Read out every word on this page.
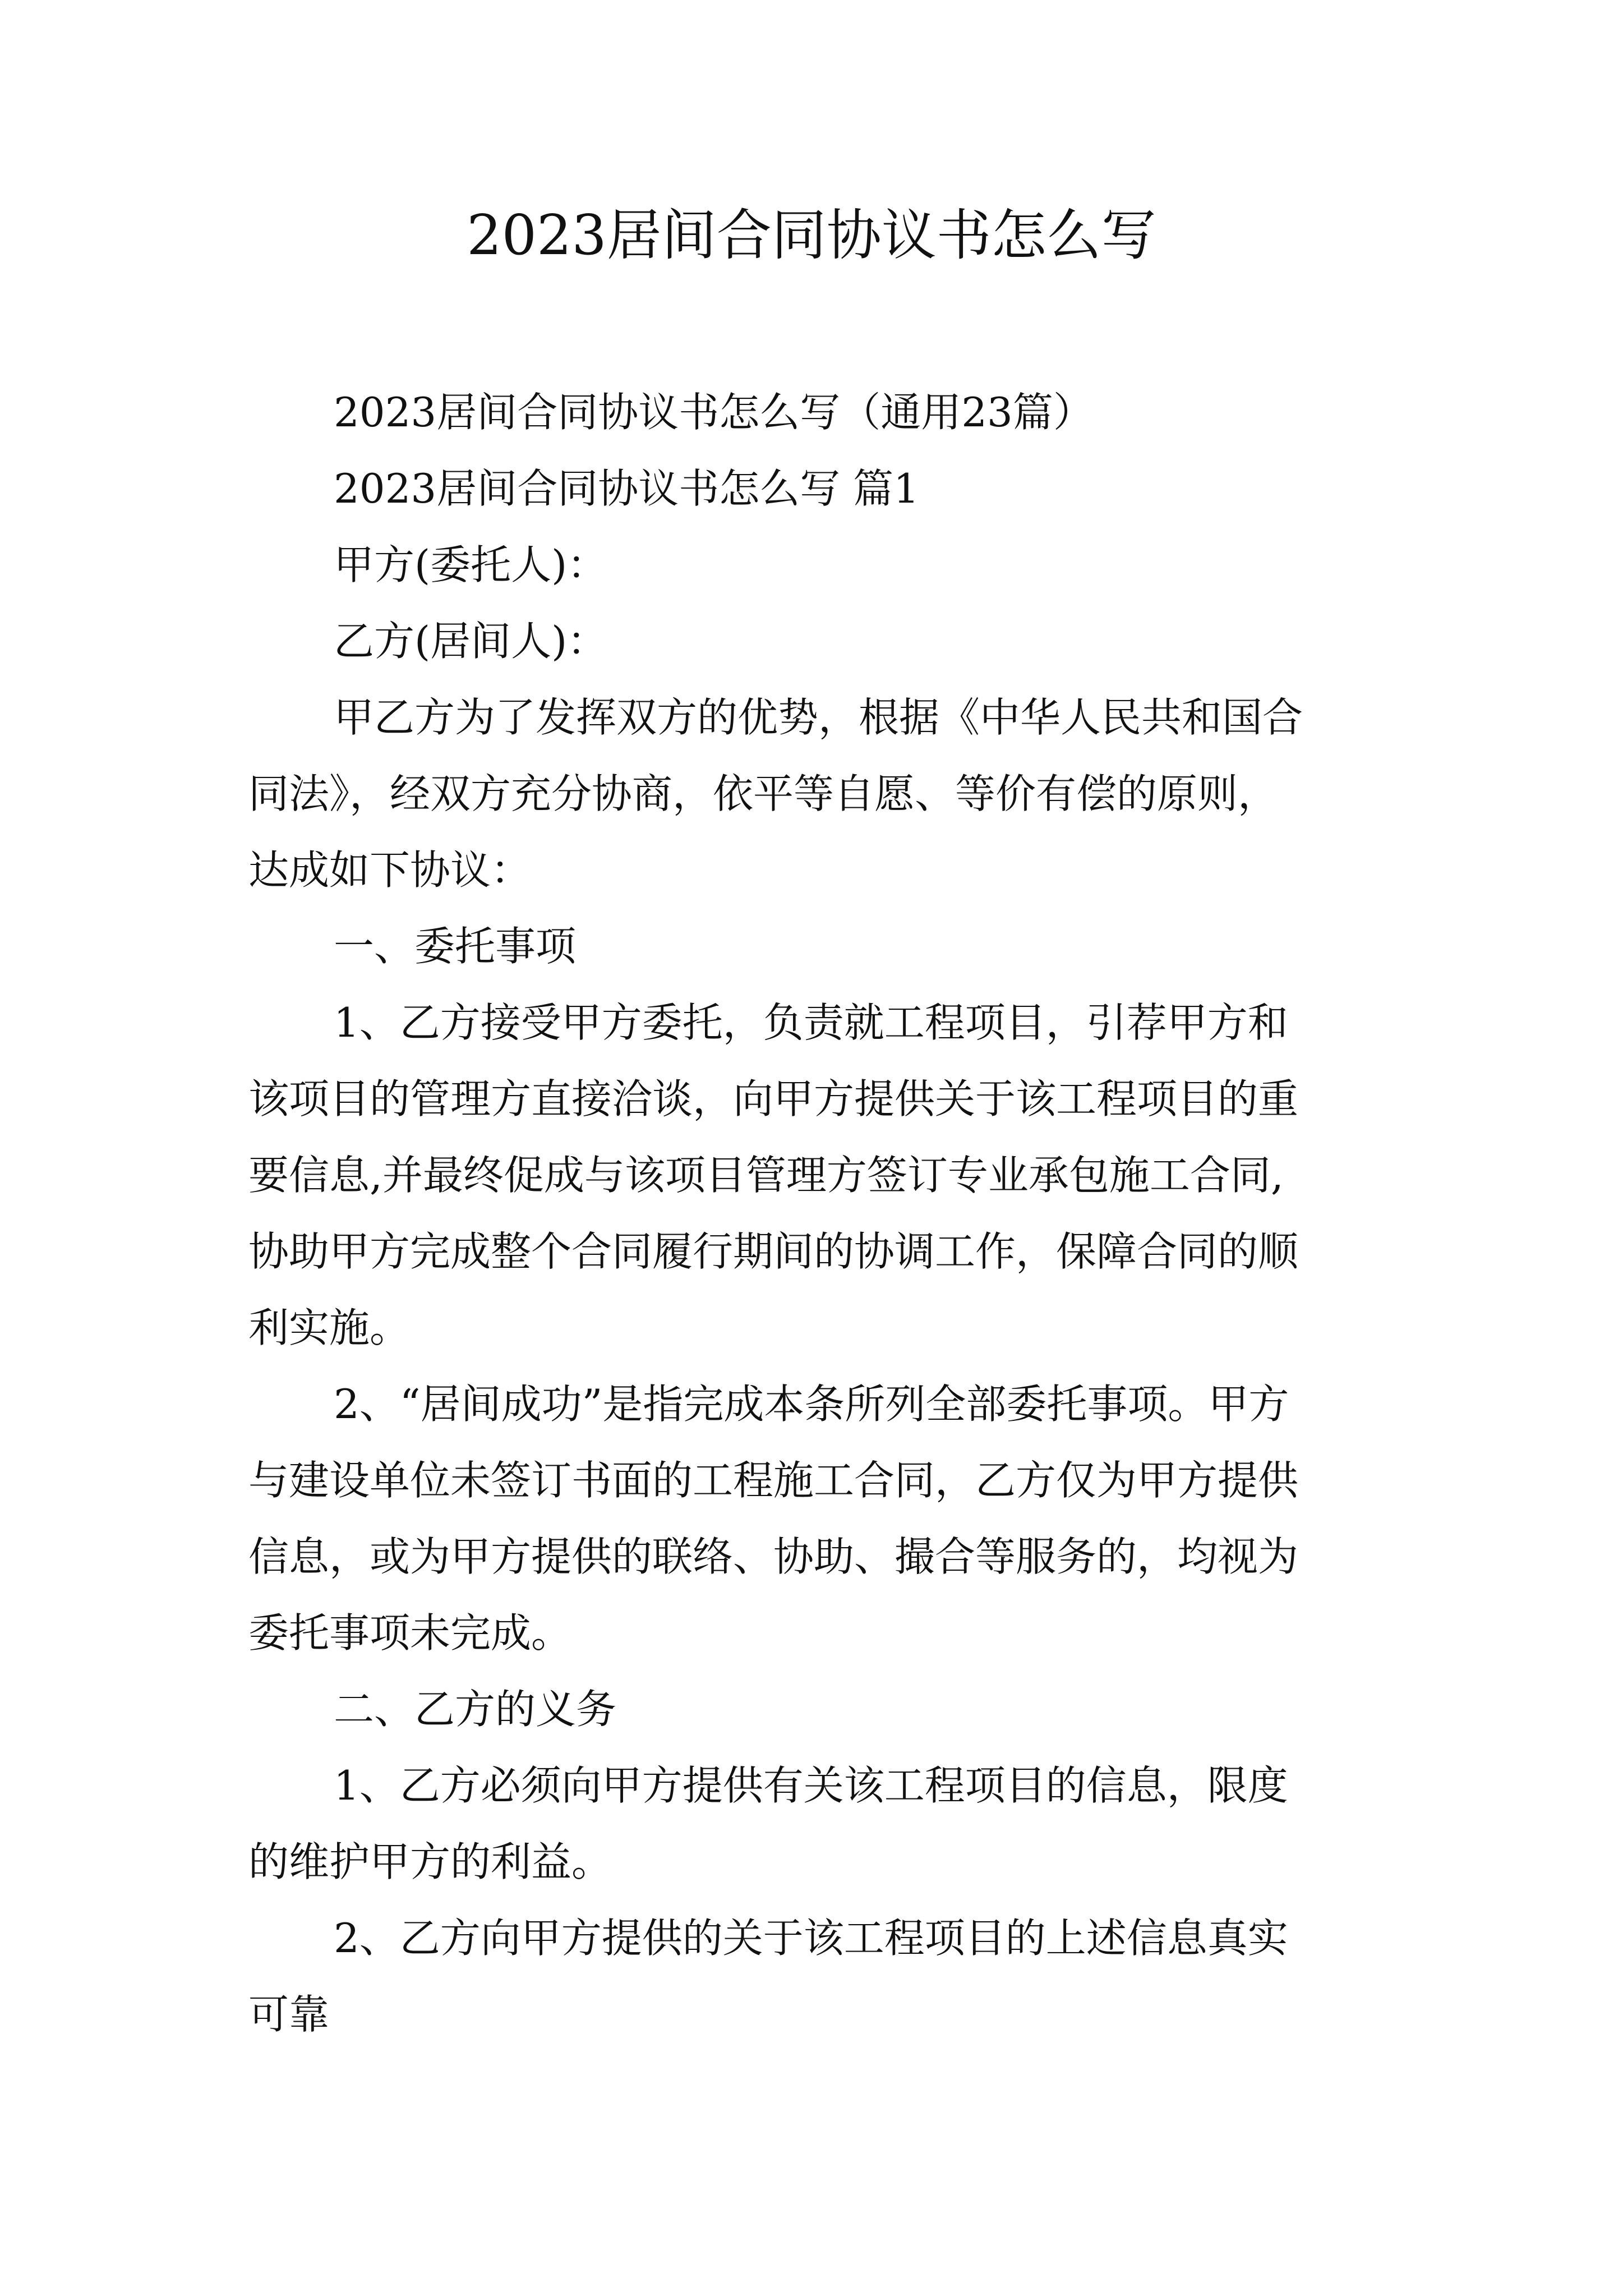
2023居间合同协议书怎么写
2023居间合同协议书怎么写（通用23篇）
2023居间合同协议书怎么写 篇1
甲方(委托人)：
乙方(居间人)：
甲乙方为了发挥双方的优势，根据《中华人民共和国合
同法》，经双方充分协商，依平等自愿、等价有偿的原则，
达成如下协议：
一、委托事项
1、乙方接受甲方委托，负责就工程项目，引荐甲方和
该项目的管理方直接洽谈，向甲方提供关于该工程项目的重
要信息,并最终促成与该项目管理方签订专业承包施工合同,
协助甲方完成整个合同履行期间的协调工作，保障合同的顺
利实施。
2、“居间成功”是指完成本条所列全部委托事项。甲方
与建设单位未签订书面的工程施工合同，乙方仅为甲方提供
信息，或为甲方提供的联络、协助、撮合等服务的，均视为
委托事项未完成。
二、乙方的义务
1、乙方必须向甲方提供有关该工程项目的信息，限度
的维护甲方的利益。
2、乙方向甲方提供的关于该工程项目的上述信息真实
可靠
